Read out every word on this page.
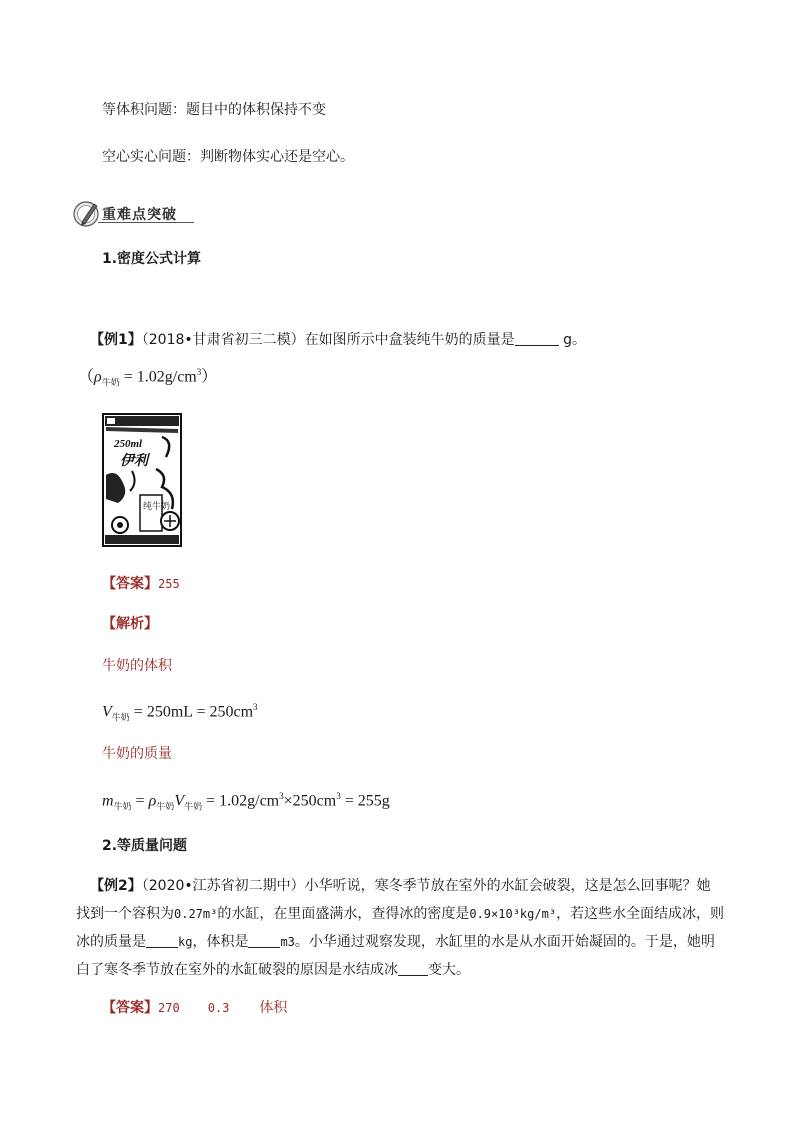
等体积问题：题目中的体积保持不变
空心实心问题：判断物体实心还是空心。
重难点突破
1.密度公式计算
【例1】（2018•甘肃省初三二模）在如图所示中盒装纯牛奶的质量是	g。
$(\rho_{牛奶} = 1.02g/cm^3)$
250ml
伊利
纯牛奶
【答案】255
【解析】
牛奶的体积
$V_{牛奶} = 250mL = 250cm^3$
牛奶的质量
$m_{牛奶} = \rho_{牛奶}V_{牛奶} = 1.02g/cm^3\times 250cm^3 = 255g$
2.等质量问题
【例2】（2020•江苏省初二期中）小华听说，寒冬季节放在室外的水缸会破裂，这是怎么回事呢？她
找到一个容积为0.27m³的水缸，在里面盛满水，查得冰的密度是0.9×10³kg/m³，若这些水全面结成冰，则
冰的质量是	kg，体积是	m3。小华通过观察发现，水缸里的水是从水面开始凝固的。于是，她明
白了寒冬季节放在室外的水缸破裂的原因是水结成冰 变大。
【答案】270 0.3 体积
